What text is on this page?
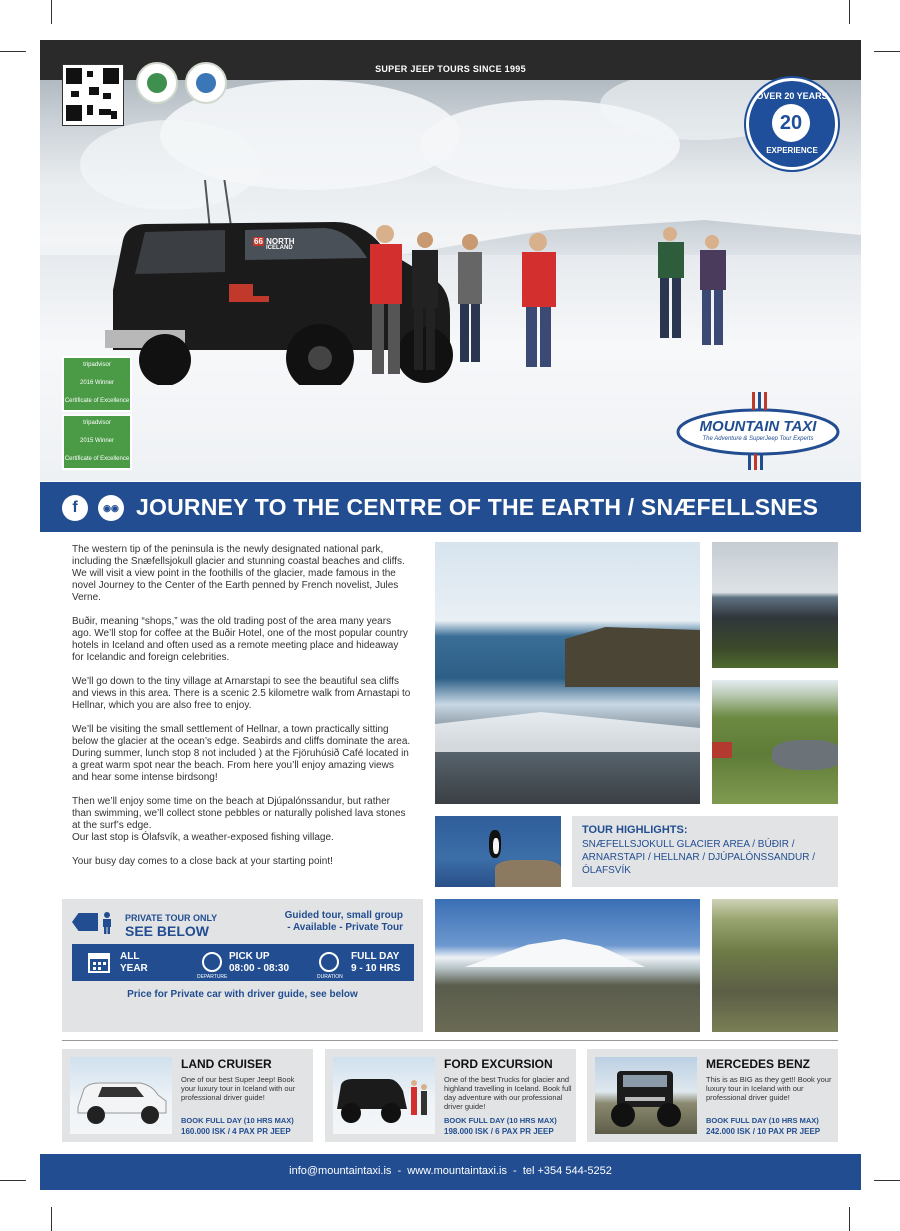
SUPER JEEP TOURS SINCE 1995
OVER 20 YEARS
20
EXPERIENCE
66 NORTH
ICELAND
tripadvisor
2016 Winner
Certificate of Excellence
tripadvisor
2015 Winner
Certificate of Excellence
MOUNTAIN TAXI
The Adventure & SuperJeep Tour Experts
f	◉◉ JOURNEY TO THE CENTRE OF THE EARTH / SNÆFELLSNES

The western tip of the peninsula is the newly designated national park, including the Snæfellsjokull glacier and stunning coastal beaches and cliffs. We will visit a view point in the foothills of the glacier, made famous in the novel Journey to the Center of the Earth penned by French novelist, Jules Verne.

Buðir, meaning “shops,” was the old trading post of the area many years ago. We’ll stop for coffee at the Buðir Hotel, one of the most popular country hotels in Iceland and often used as a remote meeting place and hideaway for Icelandic and foreign celebrities.

We’ll go down to the tiny village at Arnarstapi to see the beautiful sea cliffs and views in this area. There is a scenic 2.5 kilometre walk from Arnastapi to Hellnar, which you are also free to enjoy.

We’ll be visiting the small settlement of Hellnar, a town practically sitting below the glacier at the ocean’s edge. Seabirds and cliffs dominate the area. During summer, lunch stop 8 not included ) at the Fjöruhúsið Café located in a great warm spot near the beach. From here you’ll enjoy amazing views and hear some intense birdsong!

Then we’ll enjoy some time on the beach at Djúpalónssandur, but rather than swimming, we’ll collect stone pebbles or naturally polished lava stones at the surf’s edge.

Our last stop is Ólafsvík, a weather-exposed fishing village.

Your busy day comes to a close back at your starting point!

TOUR HIGHLIGHTS:
SNÆFELLSJOKULL GLACIER AREA / BÚÐIR / ARNARSTAPI / HELLNAR / DJÚPALÓNSSANDUR / ÓLAFSVÍK
PRIVATE TOUR ONLY
SEE BELOW
Guided tour, small group
- Available - Private Tour
ALL
YEAR
DEPARTURE
PICK UP
08:00 - 08:30
DURATION
FULL DAY
9 - 10 HRS
Price for Private car with driver guide, see below
LAND CRUISER
One of our best Super Jeep! Book your luxury tour in Iceland with our professional driver guide!
BOOK FULL DAY (10 HRS MAX)
160.000 ISK / 4 PAX PR JEEP
FORD EXCURSION
One of the best Trucks for glacier and highland travelling in Iceland. Book full day adventure with our professional driver guide!
BOOK FULL DAY (10 HRS MAX)
198.000 ISK / 6 PAX PR JEEP
MERCEDES BENZ
This is as BIG as they get!! Book your luxury tour in Iceland with our professional driver guide!
BOOK FULL DAY (10 HRS MAX)
242.000 ISK / 10 PAX PR JEEP
info@mountaintaxi.is  -  www.mountaintaxi.is  -  tel +354 544-5252
